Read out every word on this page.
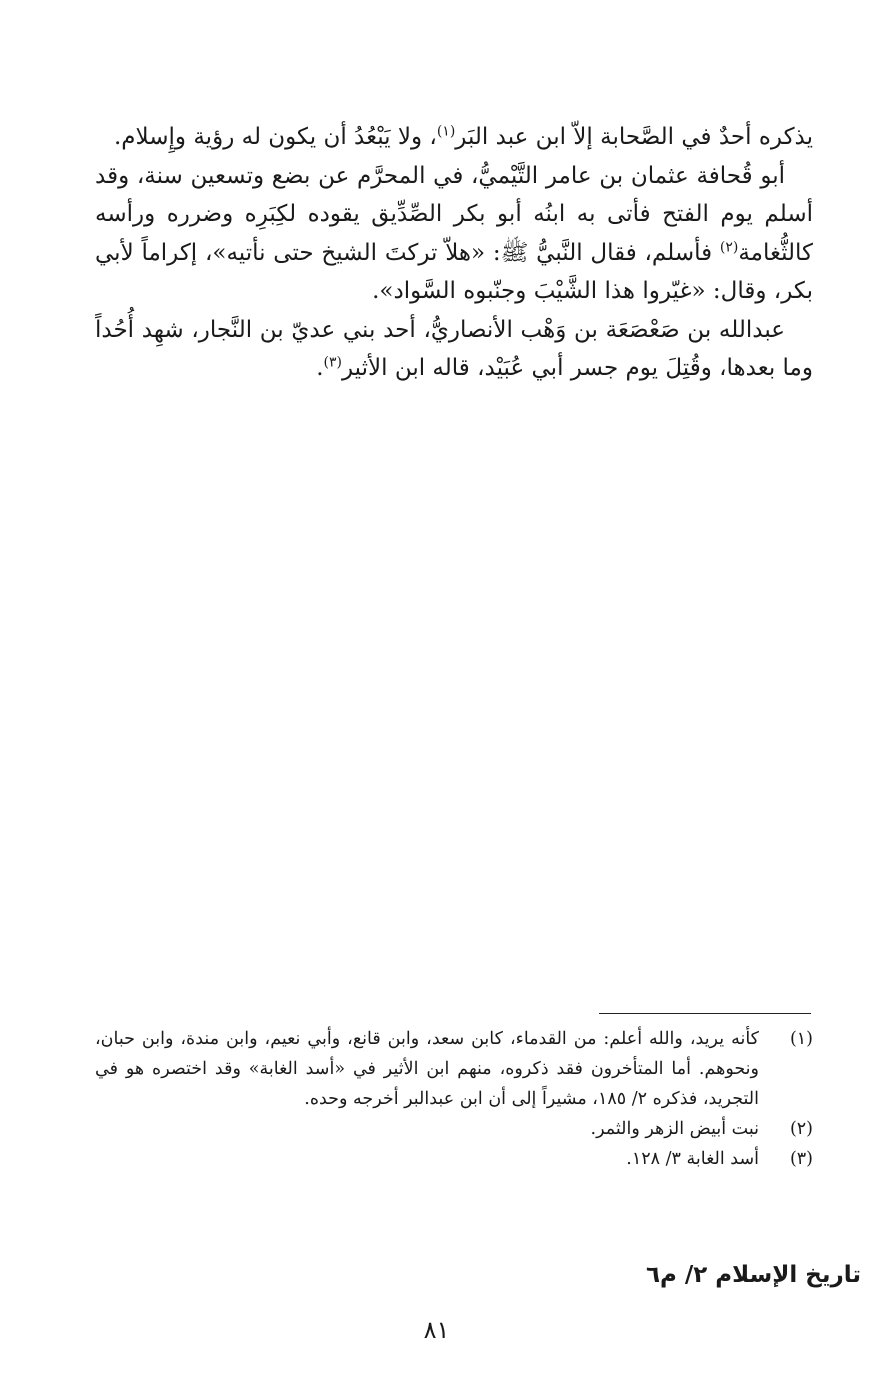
يذكره أحدٌ في الصَّحابة إلاّ ابن عبد البَر$^{(١)}$، ولا يَبْعُدُ أن يكون له رؤية وإِسلام.

أبو قُحافة عثمان بن عامر التَّيْميُّ، في المحرَّم عن بضع وتسعين سنة، وقد أسلم يوم الفتح فأتى به ابنُه أبو بكر الصِّدِّيق يقوده لكِبَرِه وضرره ورأسه كالثُّغامة$^{(٢)}$ فأسلم، فقال النَّبيُّ ﷺ: «هلاّ تركتَ الشيخ حتى نأتيه»، إكراماً لأبي بكر، وقال: «غيّروا هذا الشَّيْبَ وجنّبوه السَّواد».

عبدالله بن صَعْصَعَة بن وَهْب الأنصاريُّ، أحد بني عديّ بن النَّجار، شهِد أُحُداً وما بعدها، وقُتِلَ يوم جسر أبي عُبَيْد، قاله ابن الأثير$^{(٣)}$.

(١)
كأنه يريد، والله أعلم: من القدماء، كابن سعد، وابن قانع، وأبي نعيم، وابن مندة، وابن حبان، ونحوهم. أما المتأخرون فقد ذكروه، منهم ابن الأثير في «أسد الغابة» وقد اختصره هو في التجريد، فذكره ٢/ ١٨٥، مشيراً إلى أن ابن عبدالبر أخرجه وحده.
(٢)
نبت أبيض الزهر والثمر.
(٣)
أسد الغابة ٣/ ١٢٨.
تاريخ الإسلام ٢/ م٦
٨١
